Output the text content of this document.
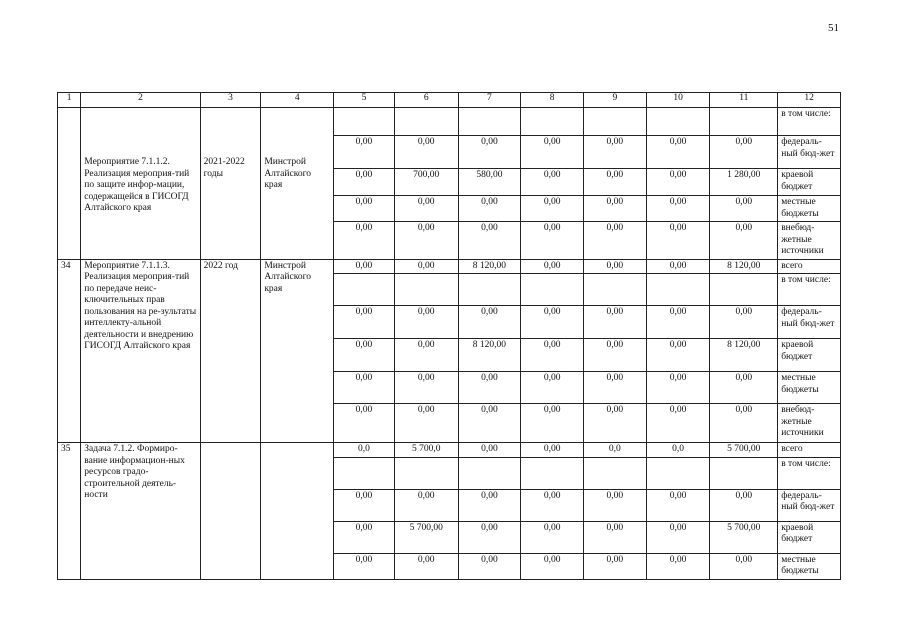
51
1	2	3	4	5	6	7	8	9	10	11	12

	Мероприятие 7.1.1.2. Реализация мероприя-тий по защите инфор-мации, содержащейся в ГИСОГД Алтайского края	2021-2022 годы	Минстрой Алтайского края								в том числе:
				0,00	0,00	0,00	0,00	0,00	0,00	0,00	федераль-ный бюд-жет
				0,00	700,00	580,00	0,00	0,00	0,00	1 280,00	краевой бюджет
				0,00	0,00	0,00	0,00	0,00	0,00	0,00	местные бюджеты
				0,00	0,00	0,00	0,00	0,00	0,00	0,00	внебюд-жетные источники

34	Мероприятие 7.1.1.3. Реализация мероприя-тий по передаче неис-ключительных прав пользования на ре-зультаты интеллекту-альной деятельности и внедрению ГИСОГД Алтайского края	2022 год	Минстрой Алтайского края	0,00	0,00	8 120,00	0,00	0,00	0,00	8 120,00	всего
											в том числе:
				0,00	0,00	0,00	0,00	0,00	0,00	0,00	федераль-ный бюд-жет
				0,00	0,00	8 120,00	0,00	0,00	0,00	8 120,00	краевой бюджет
				0,00	0,00	0,00	0,00	0,00	0,00	0,00	местные бюджеты
				0,00	0,00	0,00	0,00	0,00	0,00	0,00	внебюд-жетные источники

35	Задача 7.1.2. Формиро-вание информацион-ных ресурсов градо-строительной деятель-ности			0,0	5 700,0	0,00	0,00	0,0	0,0	5 700,00	всего
											в том числе:
				0,00	0,00	0,00	0,00	0,00	0,00	0,00	федераль-ный бюд-жет
				0,00	5 700,00	0,00	0,00	0,00	0,00	5 700,00	краевой бюджет
				0,00	0,00	0,00	0,00	0,00	0,00	0,00	местные бюджеты
